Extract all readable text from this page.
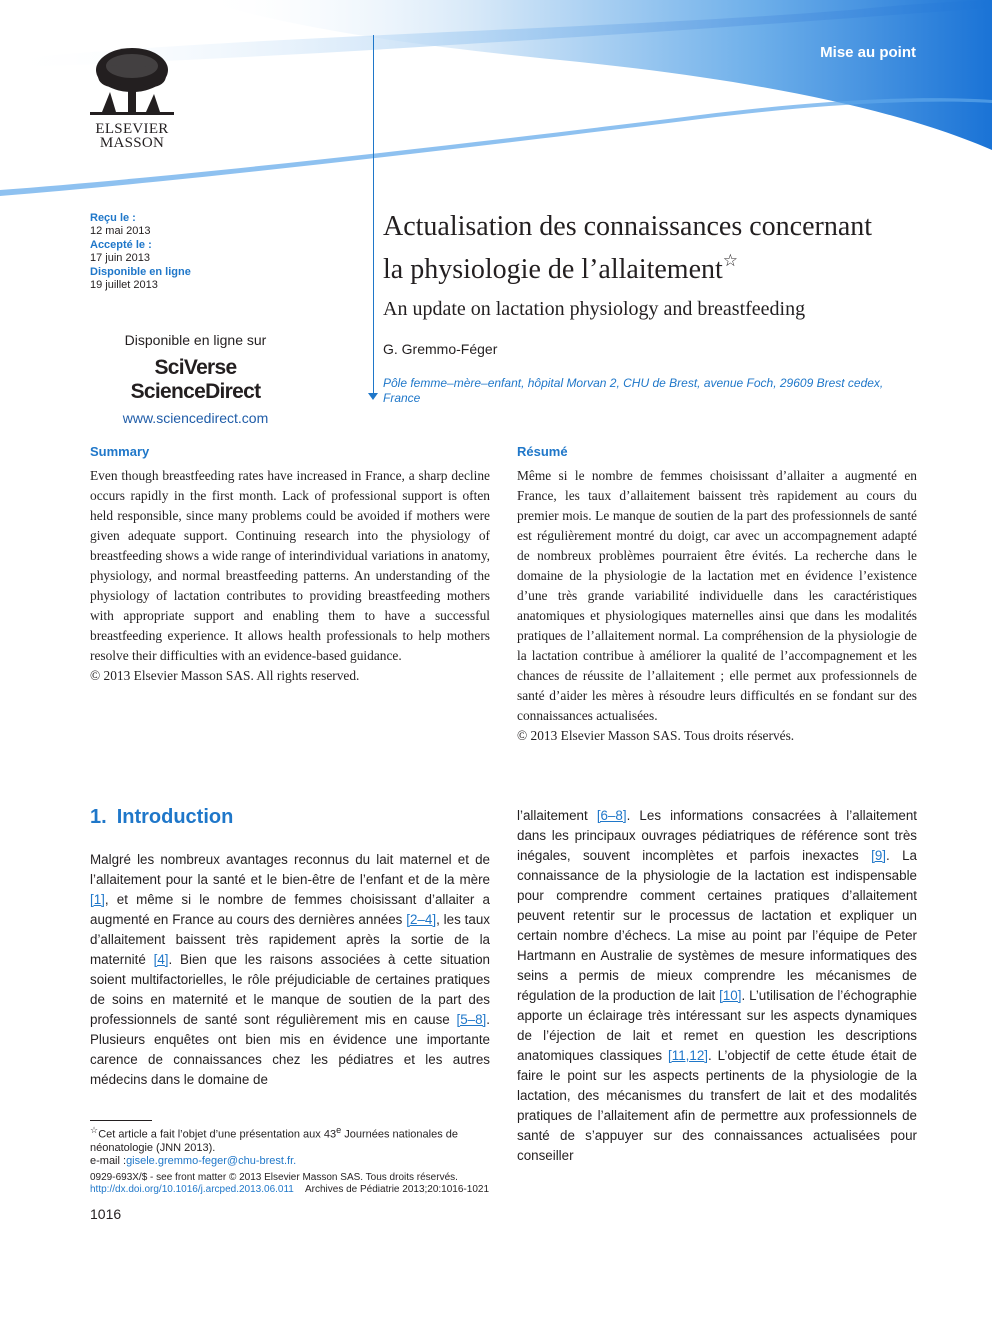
Mise au point
ELSEVIER
MASSON
Reçu le :
12 mai 2013
Accepté le :
17 juin 2013
Disponible en ligne
19 juillet 2013
Disponible en ligne sur
SciVerse ScienceDirect
www.sciencedirect.com
Actualisation des connaissances concernant
la physiologie de l’allaitement☆
An update on lactation physiology and breastfeeding
G. Gremmo-Féger
Pôle femme–mère–enfant, hôpital Morvan 2, CHU de Brest, avenue Foch, 29609 Brest cedex, France
Summary
Even though breastfeeding rates have increased in France, a sharp decline occurs rapidly in the first month. Lack of professional support is often held responsible, since many problems could be avoided if mothers were given adequate support. Continuing research into the physiology of breastfeeding shows a wide range of interindividual variations in anatomy, physiology, and normal breastfeeding patterns. An understanding of the physiology of lactation contributes to providing breastfeeding mothers with appropriate support and enabling them to have a successful breastfeeding experience. It allows health professionals to help mothers resolve their difficulties with an evidence-based guidance.
© 2013 Elsevier Masson SAS. All rights reserved.
Résumé
Même si le nombre de femmes choisissant d’allaiter a augmenté en France, les taux d’allaitement baissent très rapidement au cours du premier mois. Le manque de soutien de la part des professionnels de santé est régulièrement montré du doigt, car avec un accompagnement adapté de nombreux problèmes pourraient être évités. La recherche dans le domaine de la physiologie de la lactation met en évidence l’existence d’une très grande variabilité individuelle dans les caractéristiques anatomiques et physiologiques maternelles ainsi que dans les modalités pratiques de l’allaitement normal. La compréhension de la physiologie de la lactation contribue à améliorer la qualité de l’accompagnement et les chances de réussite de l’allaitement ; elle permet aux professionnels de santé d’aider les mères à résoudre leurs difficultés en se fondant sur des connaissances actualisées.
© 2013 Elsevier Masson SAS. Tous droits réservés.
1. Introduction
Malgré les nombreux avantages reconnus du lait maternel et de l’allaitement pour la santé et le bien-être de l’enfant et de la mère [1], et même si le nombre de femmes choisissant d’allaiter a augmenté en France au cours des dernières années [2–4], les taux d’allaitement baissent très rapidement après la sortie de la maternité [4]. Bien que les raisons associées à cette situation soient multifactorielles, le rôle préjudiciable de certaines pratiques de soins en maternité et le manque de soutien de la part des professionnels de santé sont régulièrement mis en cause [5–8]. Plusieurs enquêtes ont bien mis en évidence une importante carence de connaissances chez les pédiatres et les autres médecins dans le domaine de
l’allaitement [6–8]. Les informations consacrées à l’allaitement dans les principaux ouvrages pédiatriques de référence sont très inégales, souvent incomplètes et parfois inexactes [9]. La connaissance de la physiologie de la lactation est indispensable pour comprendre comment certaines pratiques d’allaitement peuvent retentir sur le processus de lactation et expliquer un certain nombre d’échecs. La mise au point par l’équipe de Peter Hartmann en Australie de systèmes de mesure informatiques des seins a permis de mieux comprendre les mécanismes de régulation de la production de lait [10]. L’utilisation de l’échographie apporte un éclairage très intéressant sur les aspects dynamiques de l’éjection de lait et remet en question les descriptions anatomiques classiques [11,12]. L’objectif de cette étude était de faire le point sur les aspects pertinents de la physiologie de la lactation, des mécanismes du transfert de lait et des modalités pratiques de l’allaitement afin de permettre aux professionnels de santé de s’appuyer sur des connaissances actualisées pour conseiller
☆Cet article a fait l’objet d’une présentation aux 43e Journées nationales de néonatologie (JNN 2013).
e-mail :gisele.gremmo-feger@chu-brest.fr.
0929-693X/$ - see front matter © 2013 Elsevier Masson SAS. Tous droits réservés.
http://dx.doi.org/10.1016/j.arcped.2013.06.011 Archives de Pédiatrie 2013;20:1016-1021
1016
